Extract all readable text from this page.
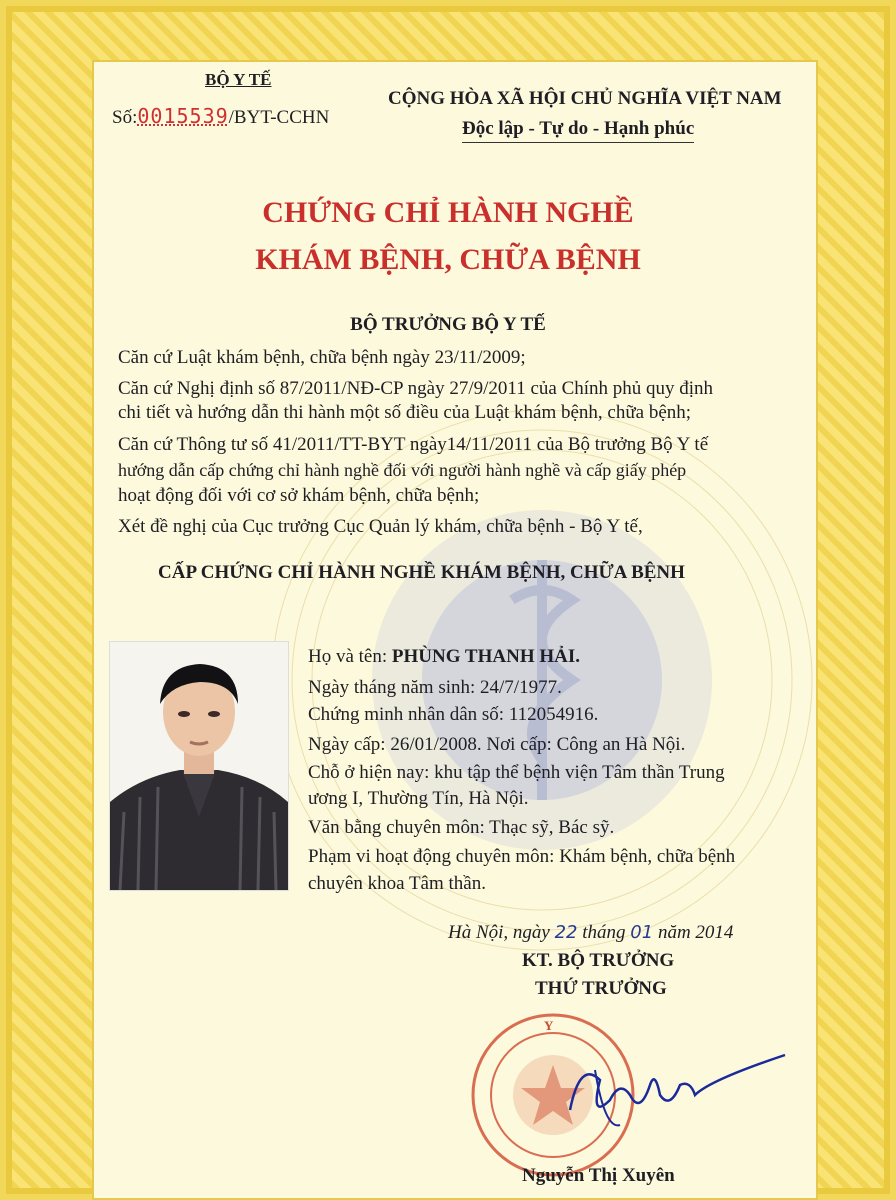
BỘ Y TẾ
Số:0015539/BYT-CCHN
CỘNG HÒA XÃ HỘI CHỦ NGHĨA VIỆT NAM
Độc lập - Tự do - Hạnh phúc
CHỨNG CHỈ HÀNH NGHỀ
KHÁM BỆNH, CHỮA BỆNH
BỘ TRƯỞNG BỘ Y TẾ
Căn cứ Luật khám bệnh, chữa bệnh ngày 23/11/2009;
Căn cứ Nghị định số 87/2011/NĐ-CP ngày 27/9/2011 của Chính phủ quy định
chi tiết và hướng dẫn thi hành một số điều của Luật khám bệnh, chữa bệnh;
Căn cứ Thông tư số 41/2011/TT-BYT ngày14/11/2011 của Bộ trưởng Bộ Y tế
hướng dẫn cấp chứng chỉ hành nghề đối với người hành nghề và cấp giấy phép
hoạt động đối với cơ sở khám bệnh, chữa bệnh;
Xét đề nghị của Cục trưởng Cục Quản lý khám, chữa bệnh - Bộ Y tế,
CẤP CHỨNG CHỈ HÀNH NGHỀ KHÁM BỆNH, CHỮA BỆNH
Họ và tên: PHÙNG THANH HẢI.
Ngày tháng năm sinh: 24/7/1977.
Chứng minh nhân dân số: 112054916.
Ngày cấp: 26/01/2008. Nơi cấp: Công an Hà Nội.
Chỗ ở hiện nay: khu tập thể bệnh viện Tâm thần Trung
ương I, Thường Tín, Hà Nội.
Văn bằng chuyên môn: Thạc sỹ, Bác sỹ.
Phạm vi hoạt động chuyên môn: Khám bệnh, chữa bệnh
chuyên khoa Tâm thần.
Hà Nội, ngày 22 tháng 01 năm 2014
KT. BỘ TRƯỞNG
THỨ TRƯỞNG
Y
Nguyễn Thị Xuyên
